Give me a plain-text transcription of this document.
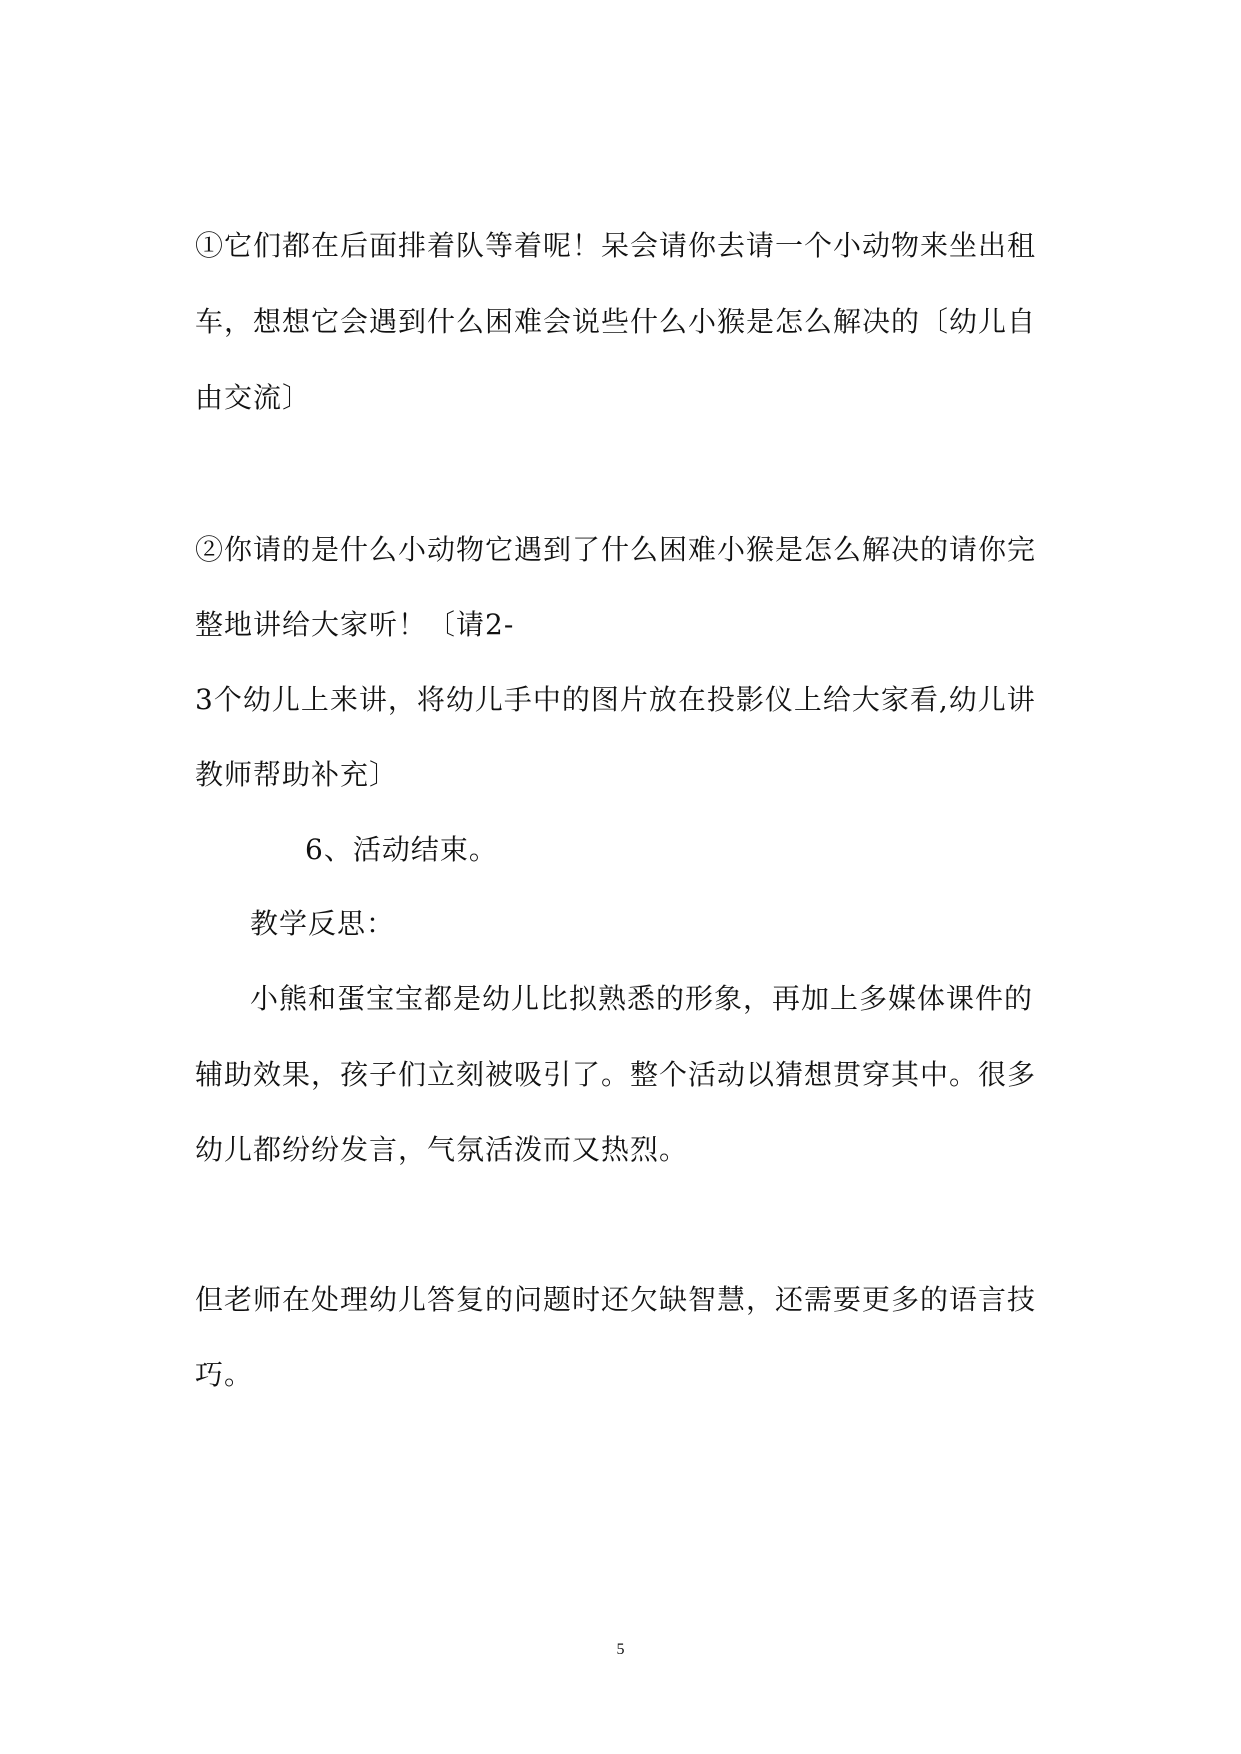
①它们都在后面排着队等着呢！呆会请你去请一个小动物来坐出租
车，想想它会遇到什么困难会说些什么小猴是怎么解决的〔幼儿自
由交流〕
②你请的是什么小动物它遇到了什么困难小猴是怎么解决的请你完
整地讲给大家听！〔请2-
3个幼儿上来讲，将幼儿手中的图片放在投影仪上给大家看,幼儿讲
教师帮助补充〕
6、活动结束。
教学反思：
小熊和蛋宝宝都是幼儿比拟熟悉的形象，再加上多媒体课件的
辅助效果，孩子们立刻被吸引了。整个活动以猜想贯穿其中。很多
幼儿都纷纷发言，气氛活泼而又热烈。
但老师在处理幼儿答复的问题时还欠缺智慧，还需要更多的语言技
巧。
5
